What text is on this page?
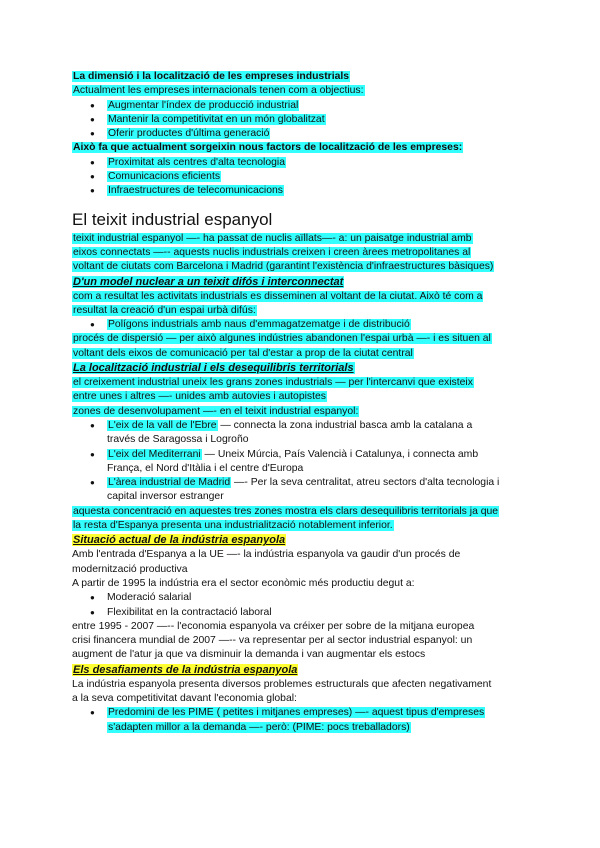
La dimensió i la localització de les empreses industrials
Actualment les empreses internacionals tenen com a objectius:
● Augmentar l'índex de producció industrial
● Mantenir la competitivitat en un món globalitzat
● Oferir productes d'última generació
Això fa que actualment sorgeixin nous factors de localització de les empreses:
● Proximitat als centres d'alta tecnologia
● Comunicacions eficients
● Infraestructures de telecomunicacions
El teixit industrial espanyol
teixit industrial espanyol —- ha passat de nuclis aïllats—- a: un paisatge industrial amb
eixos connectats —-- aquests nuclis industrials creixen i creen àrees metropolitanes al
voltant de ciutats com Barcelona i Madrid (garantint l'existència d'infraestructures bàsiques)
D'un model nuclear a un teixit difós i interconnectat
com a resultat les activitats industrials es disseminen al voltant de la ciutat. Això té com a
resultat la creació d'un espai urbà difús:
● Polígons industrials amb naus d'emmagatzematge i de distribució
procés de dispersió — per això algunes indústries abandonen l'espai urbà —- i es situen al
voltant dels eixos de comunicació per tal d'estar a prop de la ciutat central
La localització industrial i els desequilibris territorials
el creixement industrial uneix les grans zones industrials — per l'intercanvi que existeix
entre unes i altres —- unides amb autovies i autopistes
zones de desenvolupament —- en el teixit industrial espanyol:
● L'eix de la vall de l'Ebre — connecta la zona industrial basca amb la catalana a
través de Saragossa i Logroño
● L'eix del Mediterrani — Uneix Múrcia, País Valencià i Catalunya, i connecta amb
França, el Nord d'Itàlia i el centre d'Europa
● L'àrea industrial de Madrid —- Per la seva centralitat, atreu sectors d'alta tecnologia i
capital inversor estranger
aquesta concentració en aquestes tres zones mostra els clars desequilibris territorials ja que
la resta d'Espanya presenta una industrialització notablement inferior.
Situació actual de la indústria espanyola
Amb l'entrada d'Espanya a la UE —- la indústria espanyola va gaudir d'un procés de
modernització productiva
A partir de 1995 la indústria era el sector econòmic més productiu degut a:
● Moderació salarial
● Flexibilitat en la contractació laboral
entre 1995 - 2007 —-- l'economia espanyola va créixer per sobre de la mitjana europea
crisi financera mundial de 2007 —-- va representar per al sector industrial espanyol: un
augment de l'atur ja que va disminuir la demanda i van augmentar els estocs
Els desafiaments de la indústria espanyola
La indústria espanyola presenta diversos problemes estructurals que afecten negativament
a la seva competitivitat davant l'economia global:
● Predomini de les PIME ( petites i mitjanes empreses) —- aquest tipus d'empreses
s'adapten millor a la demanda —- però: (PIME: pocs treballadors)
